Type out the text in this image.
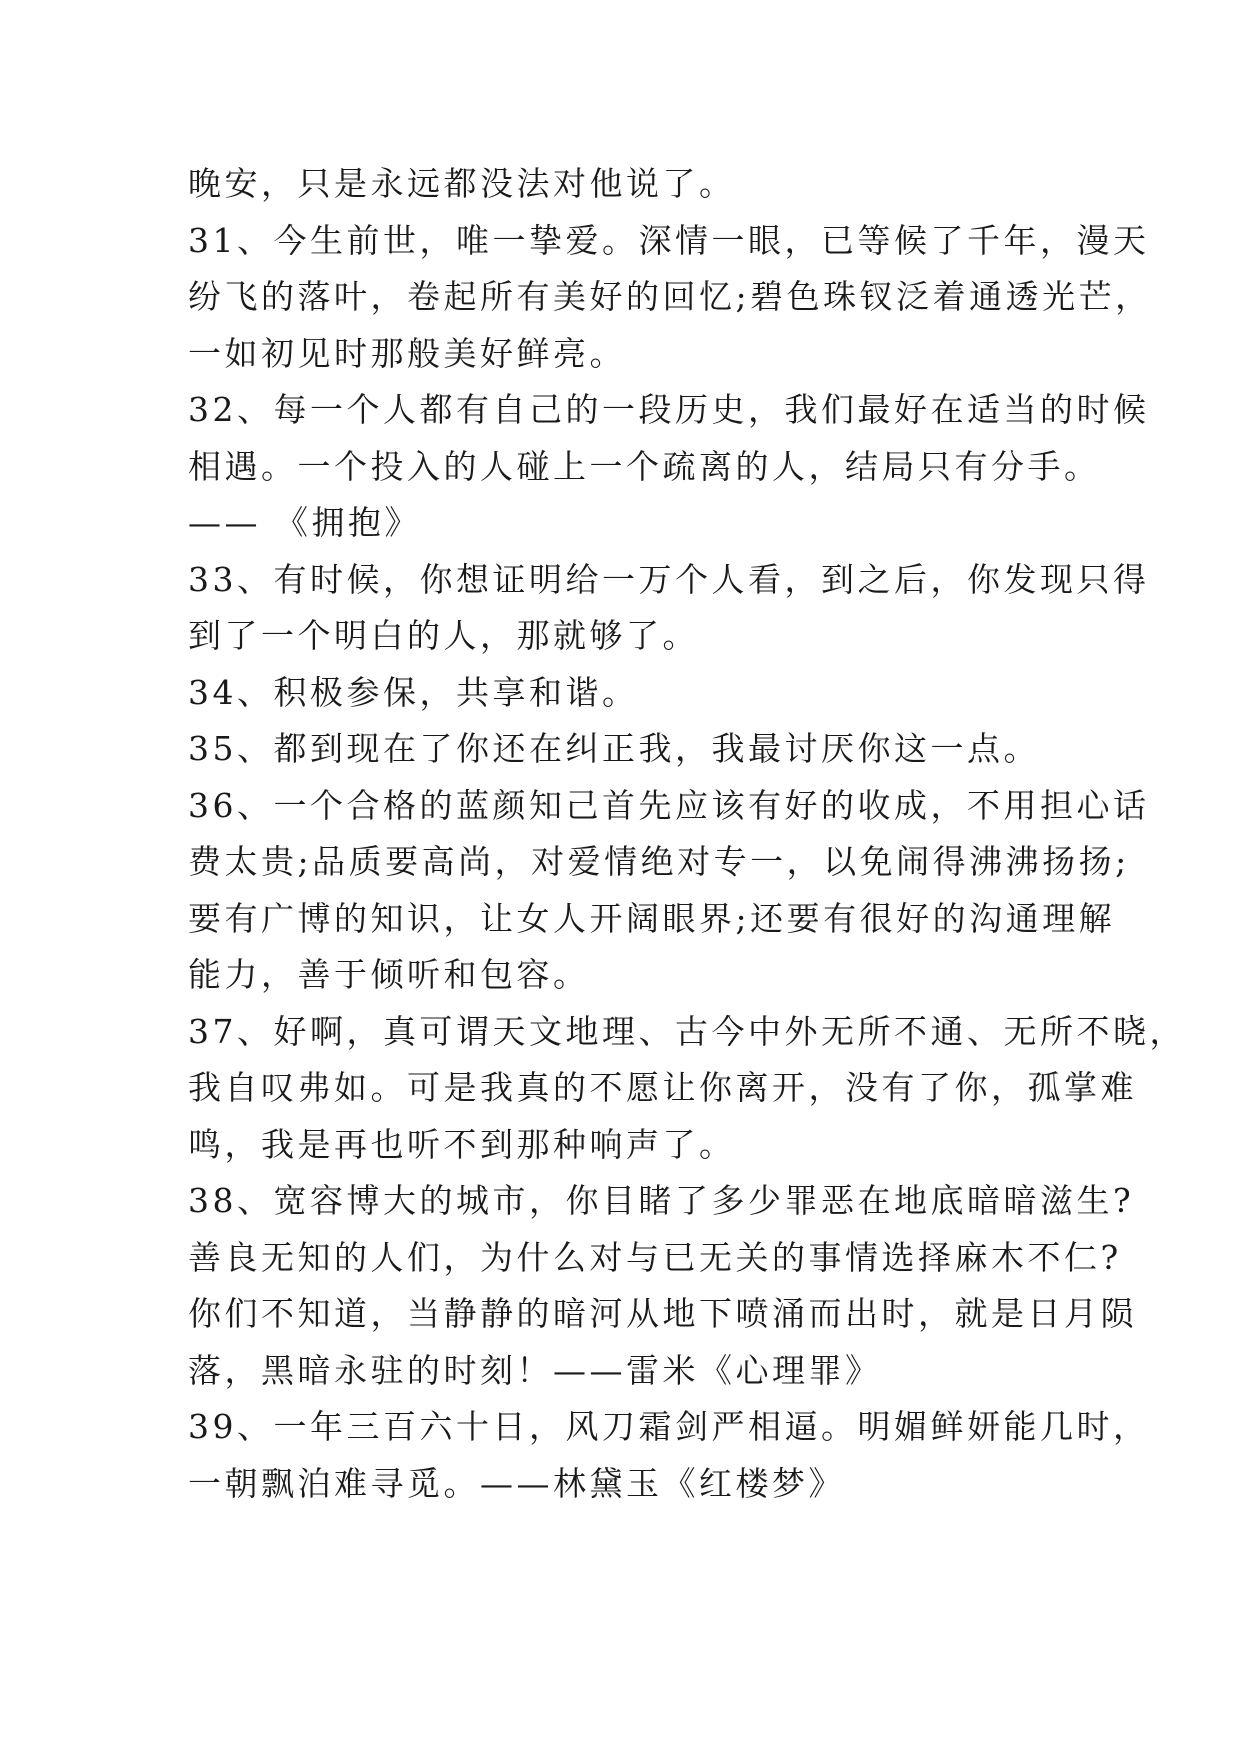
晚安，只是永远都没法对他说了。
31、今生前世，唯一挚爱。深情一眼，已等候了千年，漫天
纷飞的落叶，卷起所有美好的回忆;碧色珠钗泛着通透光芒，
一如初见时那般美好鲜亮。
32、每一个人都有自己的一段历史，我们最好在适当的时候
相遇。一个投入的人碰上一个疏离的人，结局只有分手。
—— 《拥抱》
33、有时候，你想证明给一万个人看，到之后，你发现只得
到了一个明白的人，那就够了。
34、积极参保，共享和谐。
35、都到现在了你还在纠正我，我最讨厌你这一点。
36、一个合格的蓝颜知己首先应该有好的收成，不用担心话
费太贵;品质要高尚，对爱情绝对专一，以免闹得沸沸扬扬;
要有广博的知识，让女人开阔眼界;还要有很好的沟通理解
能力，善于倾听和包容。
37、好啊，真可谓天文地理、古今中外无所不通、无所不晓，
我自叹弗如。可是我真的不愿让你离开，没有了你，孤掌难
鸣，我是再也听不到那种响声了。
38、宽容博大的城市，你目睹了多少罪恶在地底暗暗滋生?
善良无知的人们，为什么对与已无关的事情选择麻木不仁?
你们不知道，当静静的暗河从地下喷涌而出时，就是日月陨
落，黑暗永驻的时刻！——雷米《心理罪》
39、一年三百六十日，风刀霜剑严相逼。明媚鲜妍能几时，
一朝飘泊难寻觅。——林黛玉《红楼梦》
